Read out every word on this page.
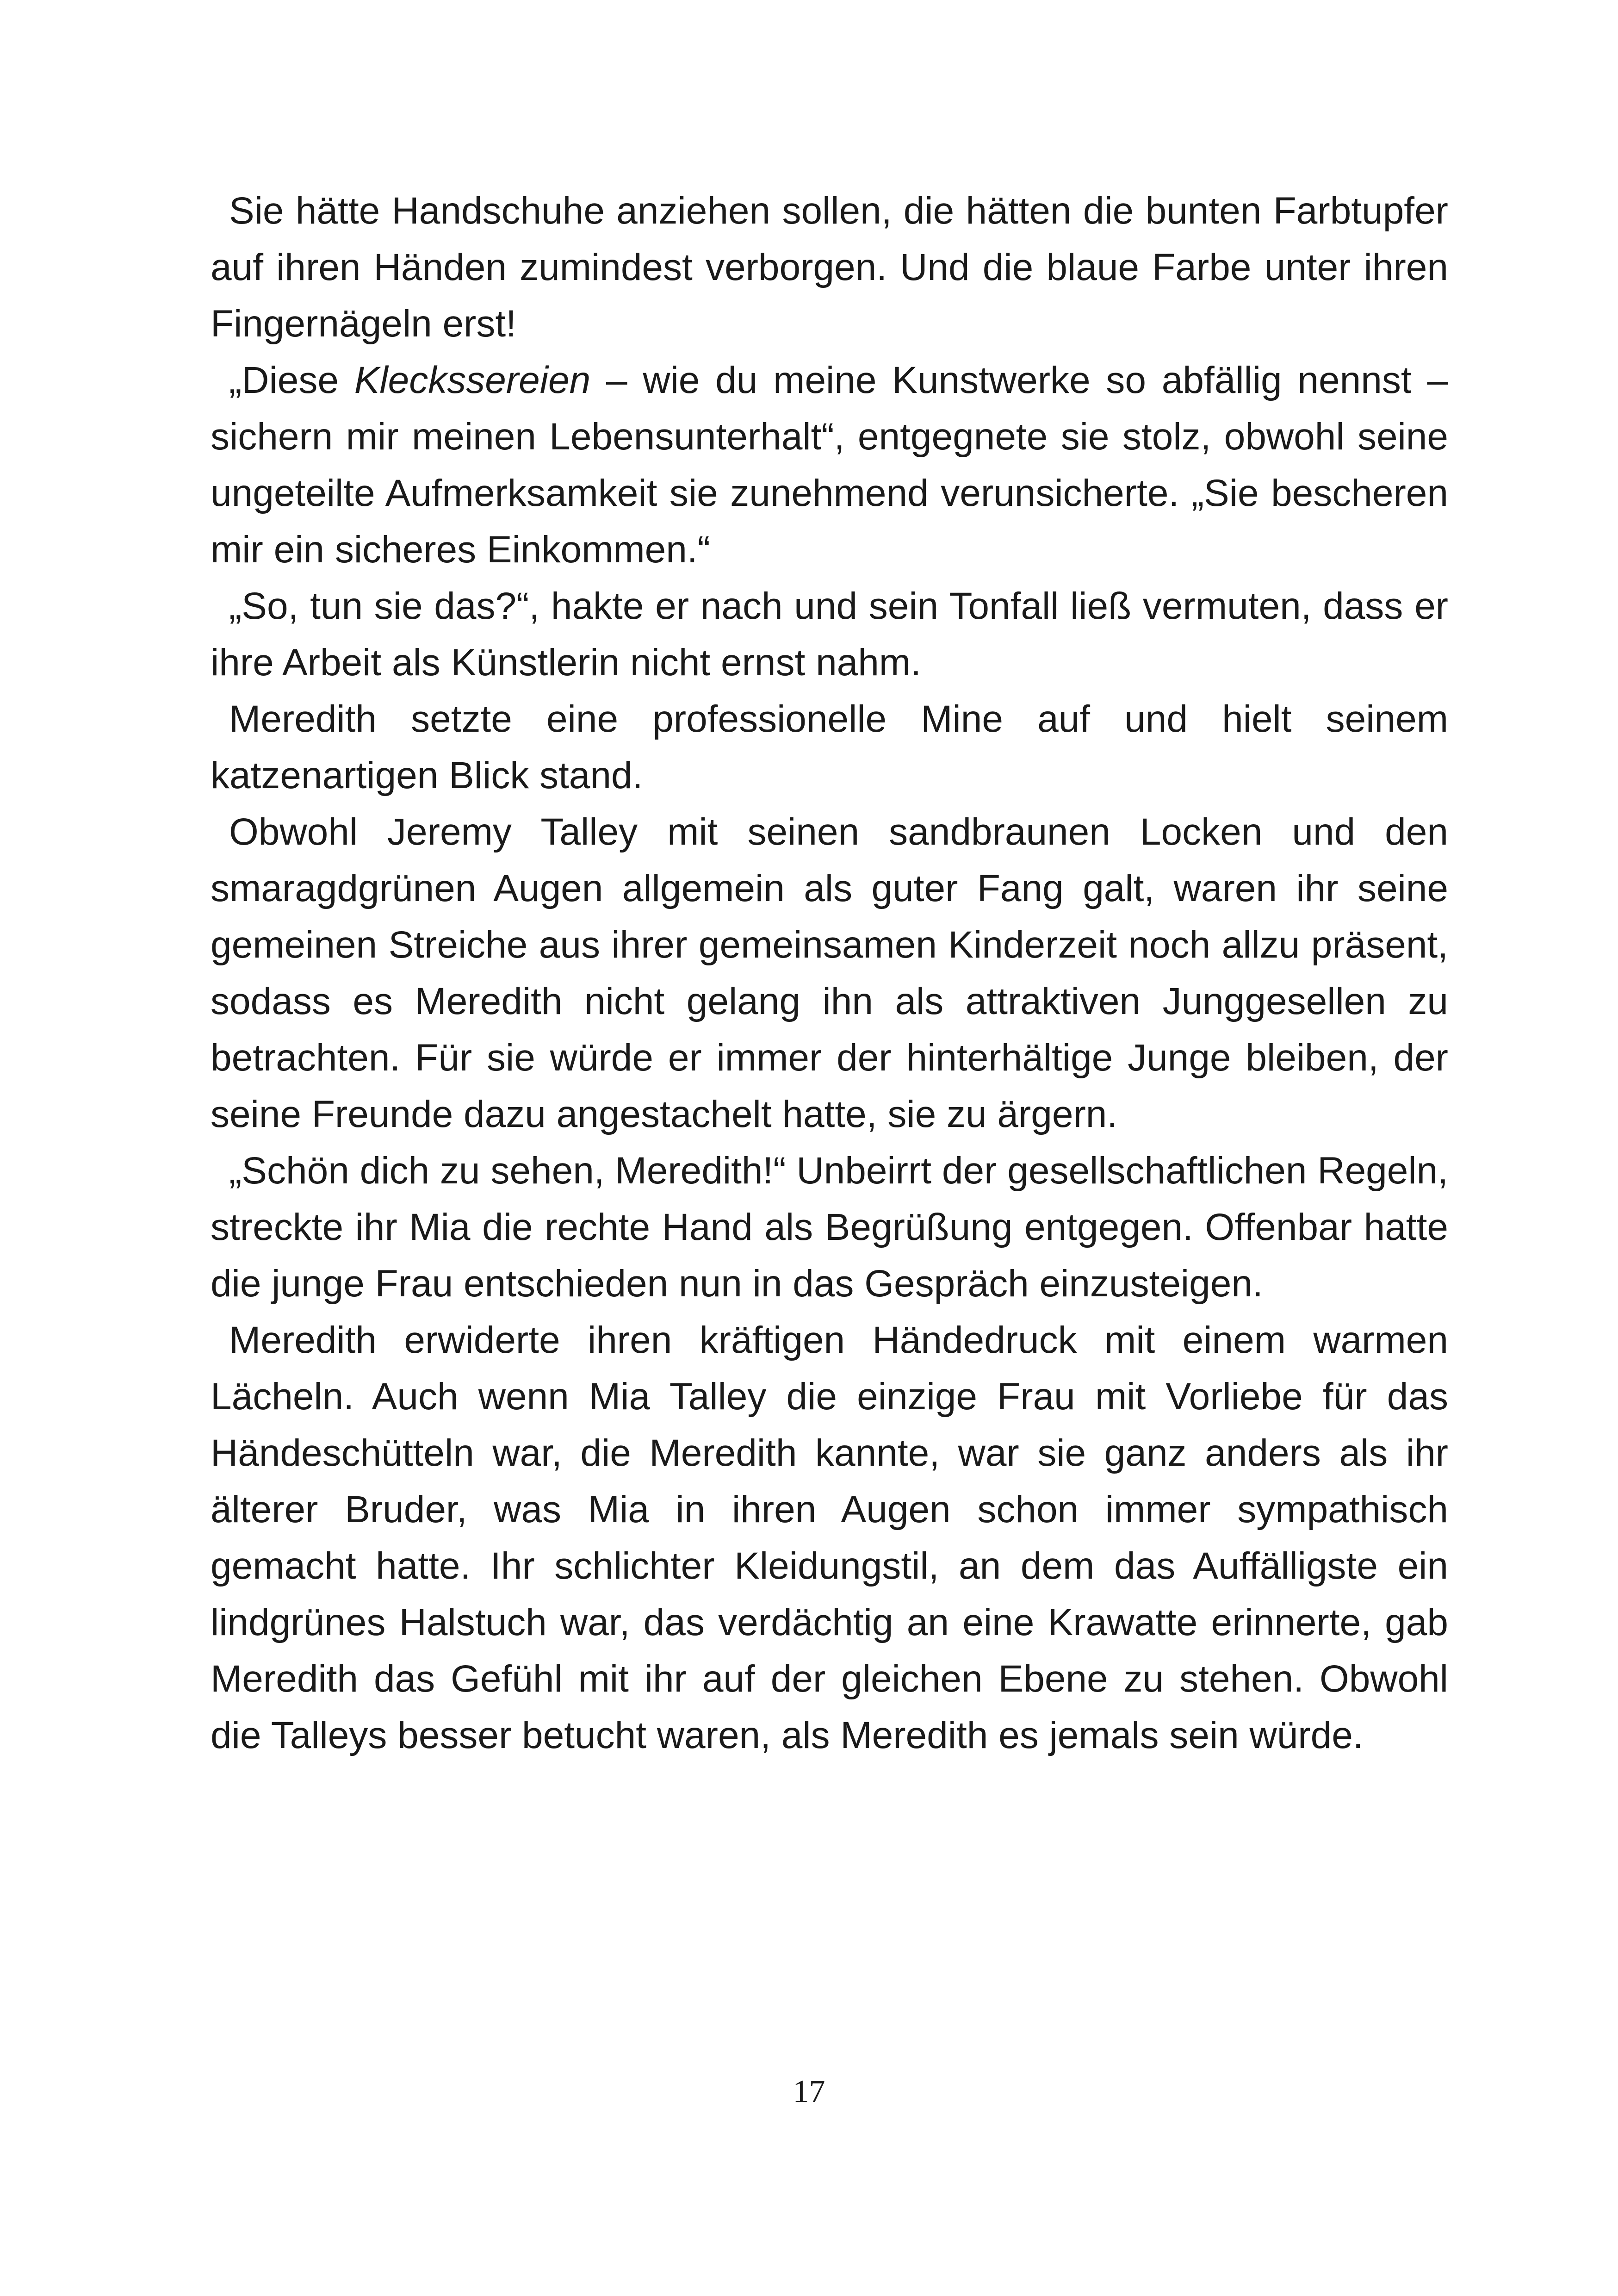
Sie hätte Handschuhe anziehen sollen, die hätten die bunten Farbtupfer auf ihren Händen zumindest verborgen. Und die blaue Farbe unter ihren Fingernägeln erst!

„Diese Kleckssereien – wie du meine Kunstwerke so abfällig nennst – sichern mir meinen Lebensunterhalt“, entgegnete sie stolz, obwohl seine ungeteilte Aufmerksamkeit sie zunehmend verunsicherte. „Sie bescheren mir ein sicheres Einkommen.“

„So, tun sie das?“, hakte er nach und sein Tonfall ließ vermuten, dass er ihre Arbeit als Künstlerin nicht ernst nahm.

Meredith setzte eine professionelle Mine auf und hielt seinem katzenartigen Blick stand.

Obwohl Jeremy Talley mit seinen sandbraunen Locken und den smaragdgrünen Augen allgemein als guter Fang galt, waren ihr seine gemeinen Streiche aus ihrer gemeinsamen Kinderzeit noch allzu präsent, sodass es Meredith nicht gelang ihn als attraktiven Junggesellen zu betrachten. Für sie würde er immer der hinterhältige Junge bleiben, der seine Freunde dazu angestachelt hatte, sie zu ärgern.

„Schön dich zu sehen, Meredith!“ Unbeirrt der gesellschaftlichen Regeln, streckte ihr Mia die rechte Hand als Begrüßung entgegen. Offenbar hatte die junge Frau entschieden nun in das Gespräch einzusteigen.

Meredith erwiderte ihren kräftigen Händedruck mit einem warmen Lächeln. Auch wenn Mia Talley die einzige Frau mit Vorliebe für das Händeschütteln war, die Meredith kannte, war sie ganz anders als ihr älterer Bruder, was Mia in ihren Augen schon immer sympathisch gemacht hatte. Ihr schlichter Kleidungstil, an dem das Auffälligste ein lindgrünes Halstuch war, das verdächtig an eine Krawatte erinnerte, gab Meredith das Gefühl mit ihr auf der gleichen Ebene zu stehen. Obwohl die Talleys besser betucht waren, als Meredith es jemals sein würde.

17
